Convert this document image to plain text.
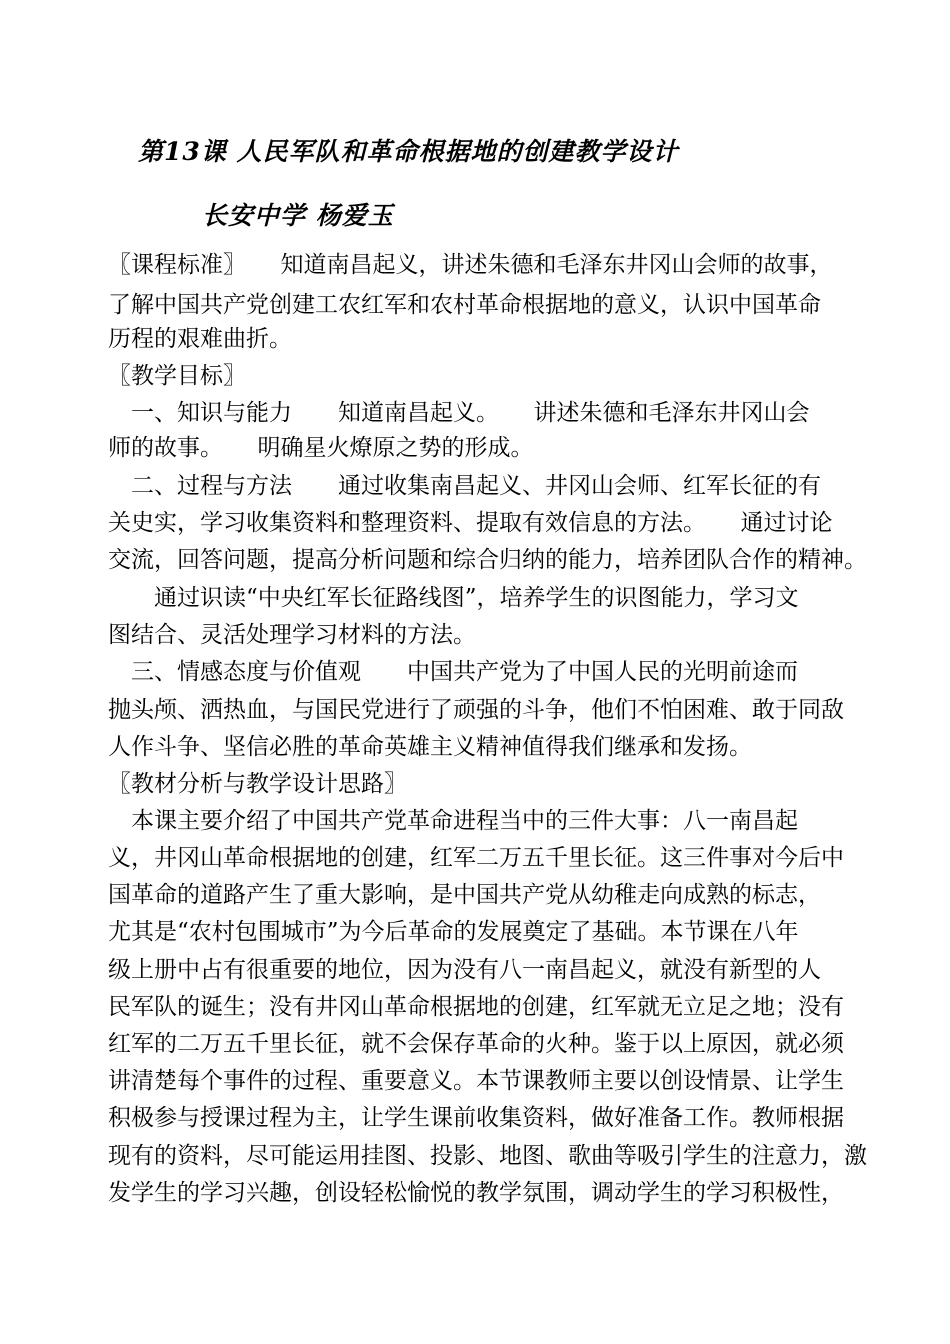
第13课 人民军队和革命根据地的创建教学设计
长安中学 杨爱玉
〖课程标准〗　　知道南昌起义，讲述朱德和毛泽东井冈山会师的故事，
了解中国共产党创建工农红军和农村革命根据地的意义，认识中国革命
历程的艰难曲折。
〖教学目标〗
　一、知识与能力　　知道南昌起义。　　讲述朱德和毛泽东井冈山会
师的故事。　　明确星火燎原之势的形成。
　二、过程与方法　　通过收集南昌起义、井冈山会师、红军长征的有
关史实，学习收集资料和整理资料、提取有效信息的方法。　　通过讨论
交流，回答问题，提高分析问题和综合归纳的能力，培养团队合作的精神。
　　通过识读“中央红军长征路线图”，培养学生的识图能力，学习文
图结合、灵活处理学习材料的方法。
　三、情感态度与价值观　　中国共产党为了中国人民的光明前途而
抛头颅、洒热血，与国民党进行了顽强的斗争，他们不怕困难、敢于同敌
人作斗争、坚信必胜的革命英雄主义精神值得我们继承和发扬。
〖教材分析与教学设计思路〗
　本课主要介绍了中国共产党革命进程当中的三件大事：八一南昌起
义，井冈山革命根据地的创建，红军二万五千里长征。这三件事对今后中
国革命的道路产生了重大影响，是中国共产党从幼稚走向成熟的标志，
尤其是“农村包围城市”为今后革命的发展奠定了基础。本节课在八年
级上册中占有很重要的地位，因为没有八一南昌起义，就没有新型的人
民军队的诞生；没有井冈山革命根据地的创建，红军就无立足之地；没有
红军的二万五千里长征，就不会保存革命的火种。鉴于以上原因，就必须
讲清楚每个事件的过程、重要意义。本节课教师主要以创设情景、让学生
积极参与授课过程为主，让学生课前收集资料，做好准备工作。教师根据
现有的资料，尽可能运用挂图、投影、地图、歌曲等吸引学生的注意力，激
发学生的学习兴趣，创设轻松愉悦的教学氛围，调动学生的学习积极性，
